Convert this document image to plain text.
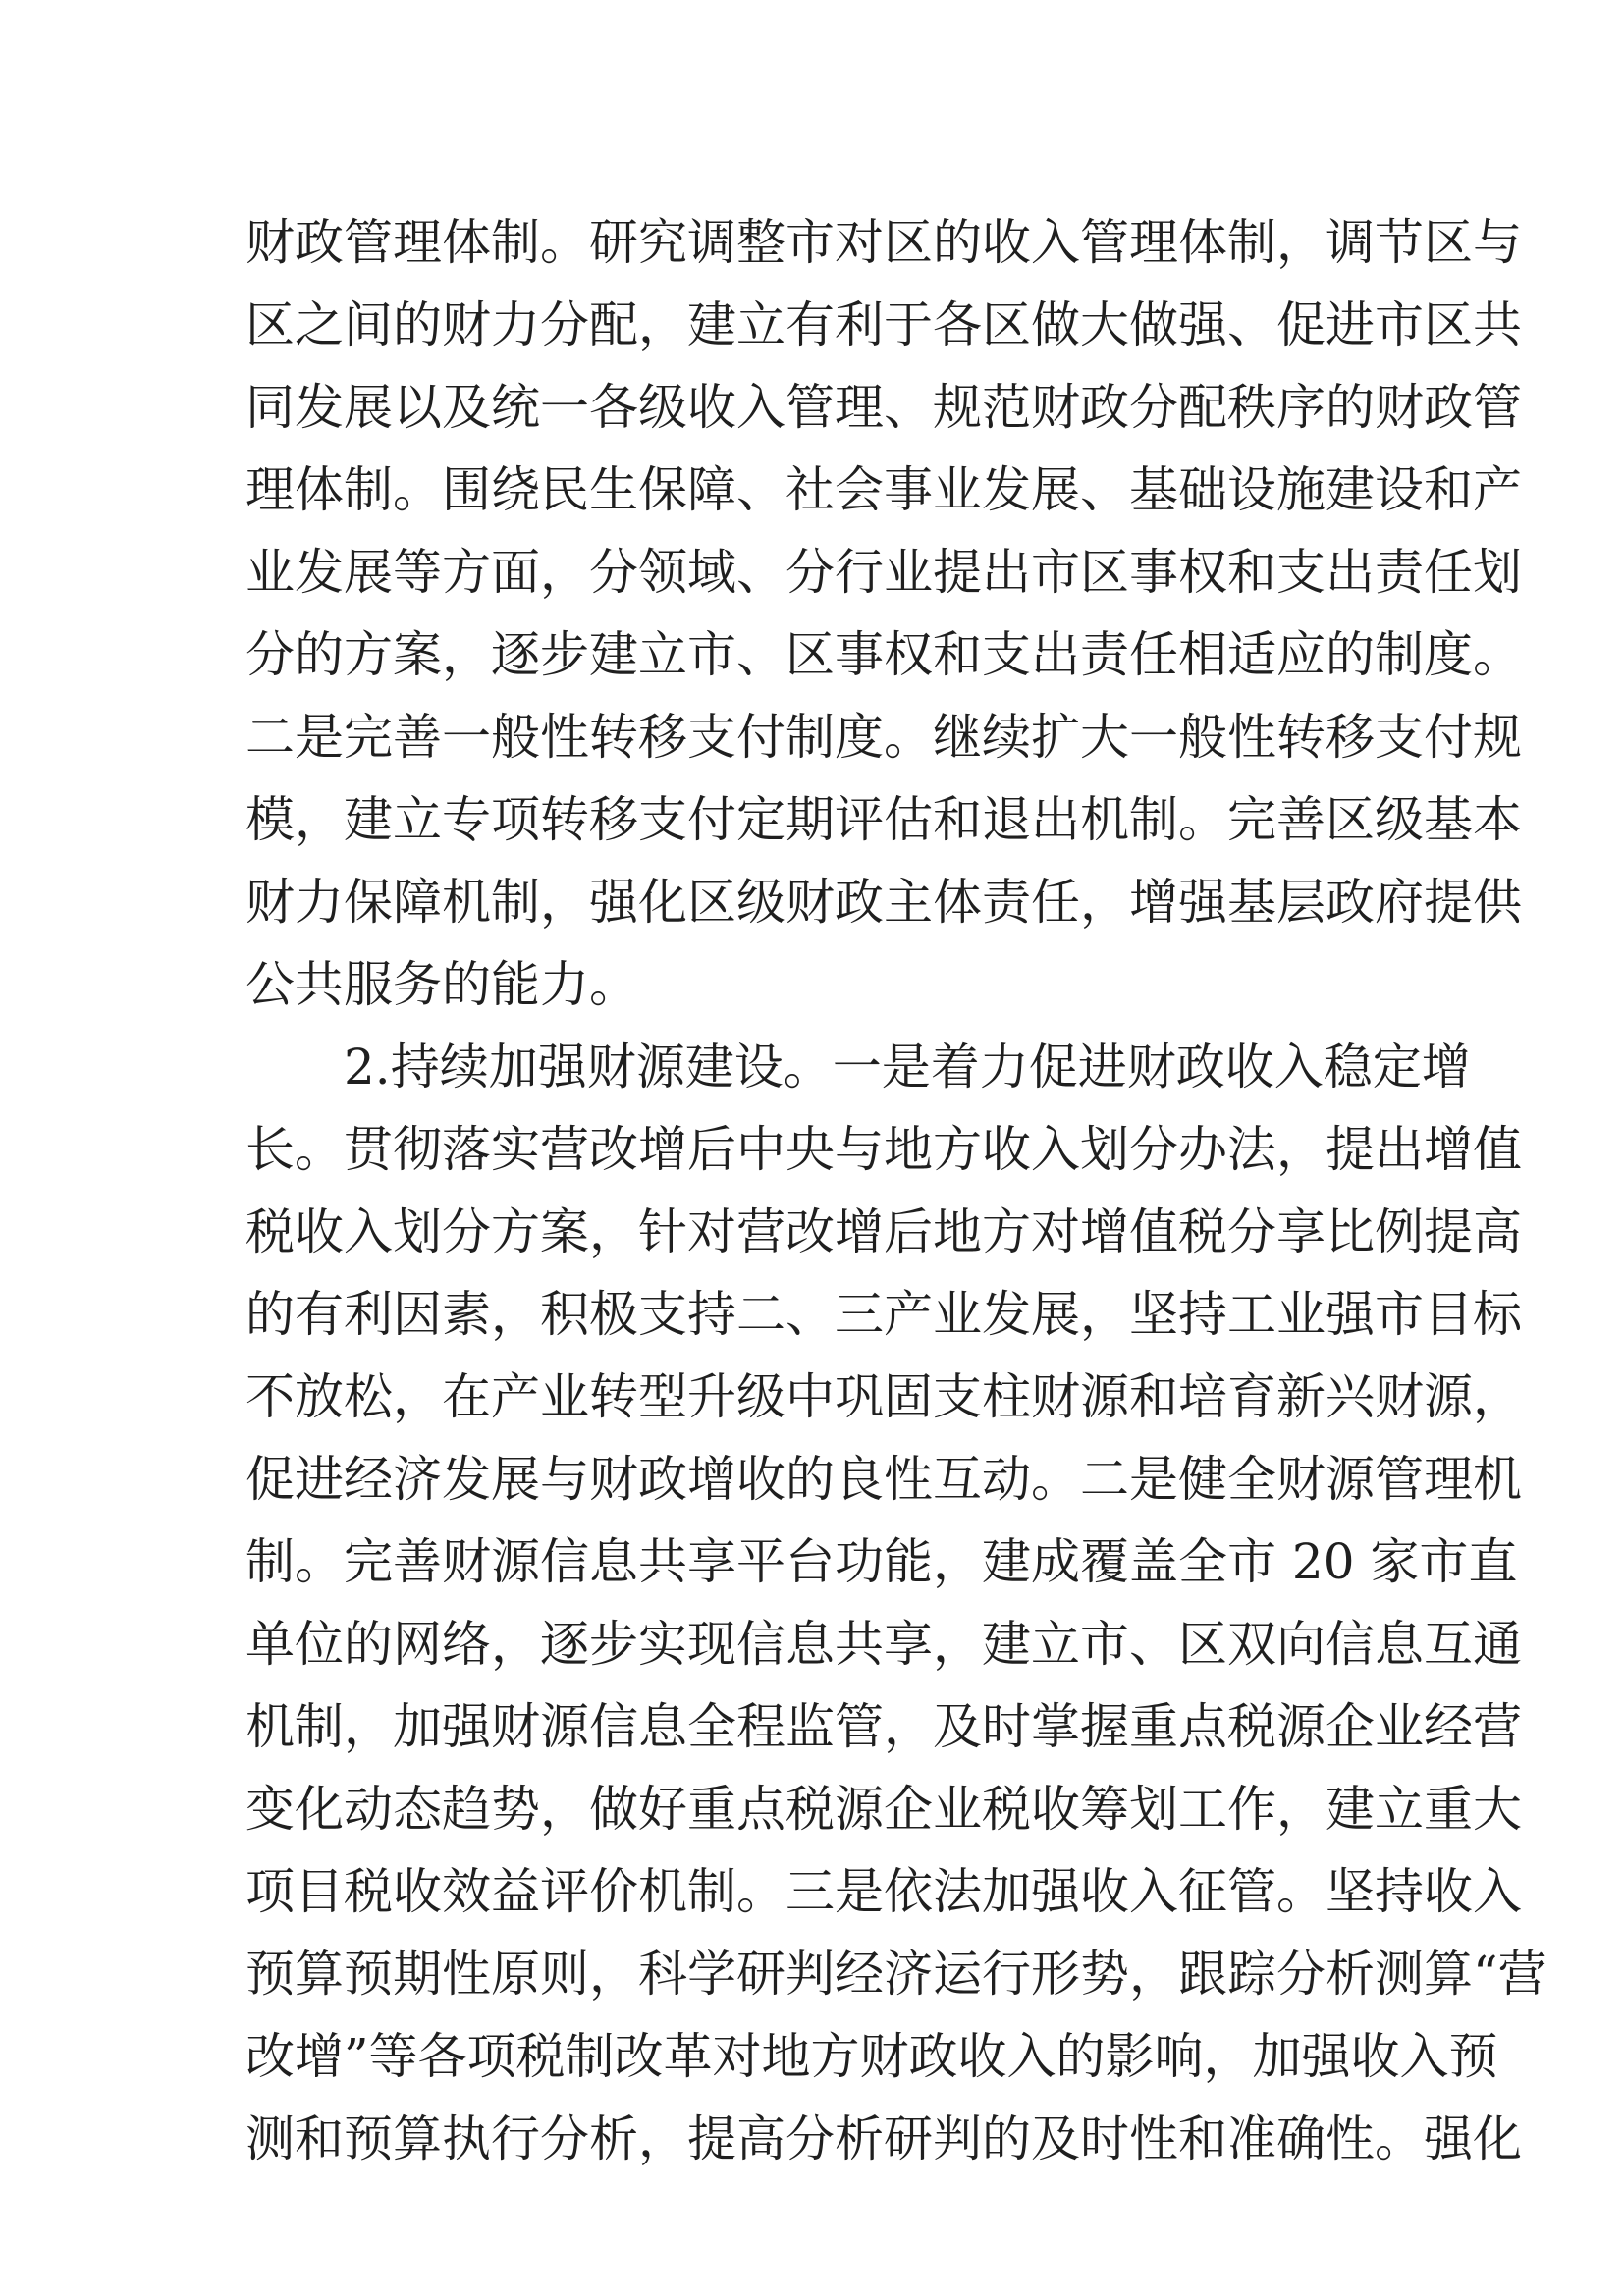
财政管理体制。研究调整市对区的收入管理体制，调节区与
区之间的财力分配，建立有利于各区做大做强、促进市区共
同发展以及统一各级收入管理、规范财政分配秩序的财政管
理体制。围绕民生保障、社会事业发展、基础设施建设和产
业发展等方面，分领域、分行业提出市区事权和支出责任划
分的方案，逐步建立市、区事权和支出责任相适应的制度。
二是完善一般性转移支付制度。继续扩大一般性转移支付规
模，建立专项转移支付定期评估和退出机制。完善区级基本
财力保障机制，强化区级财政主体责任，增强基层政府提供
公共服务的能力。
2.持续加强财源建设。一是着力促进财政收入稳定增
长。贯彻落实营改增后中央与地方收入划分办法，提出增值
税收入划分方案，针对营改增后地方对增值税分享比例提高
的有利因素，积极支持二、三产业发展，坚持工业强市目标
不放松，在产业转型升级中巩固支柱财源和培育新兴财源，
促进经济发展与财政增收的良性互动。二是健全财源管理机
制。完善财源信息共享平台功能，建成覆盖全市 20 家市直
单位的网络，逐步实现信息共享，建立市、区双向信息互通
机制，加强财源信息全程监管，及时掌握重点税源企业经营
变化动态趋势，做好重点税源企业税收筹划工作，建立重大
项目税收效益评价机制。三是依法加强收入征管。坚持收入
预算预期性原则，科学研判经济运行形势，跟踪分析测算“营
改增”等各项税制改革对地方财政收入的影响，加强收入预
测和预算执行分析，提高分析研判的及时性和准确性。强化
